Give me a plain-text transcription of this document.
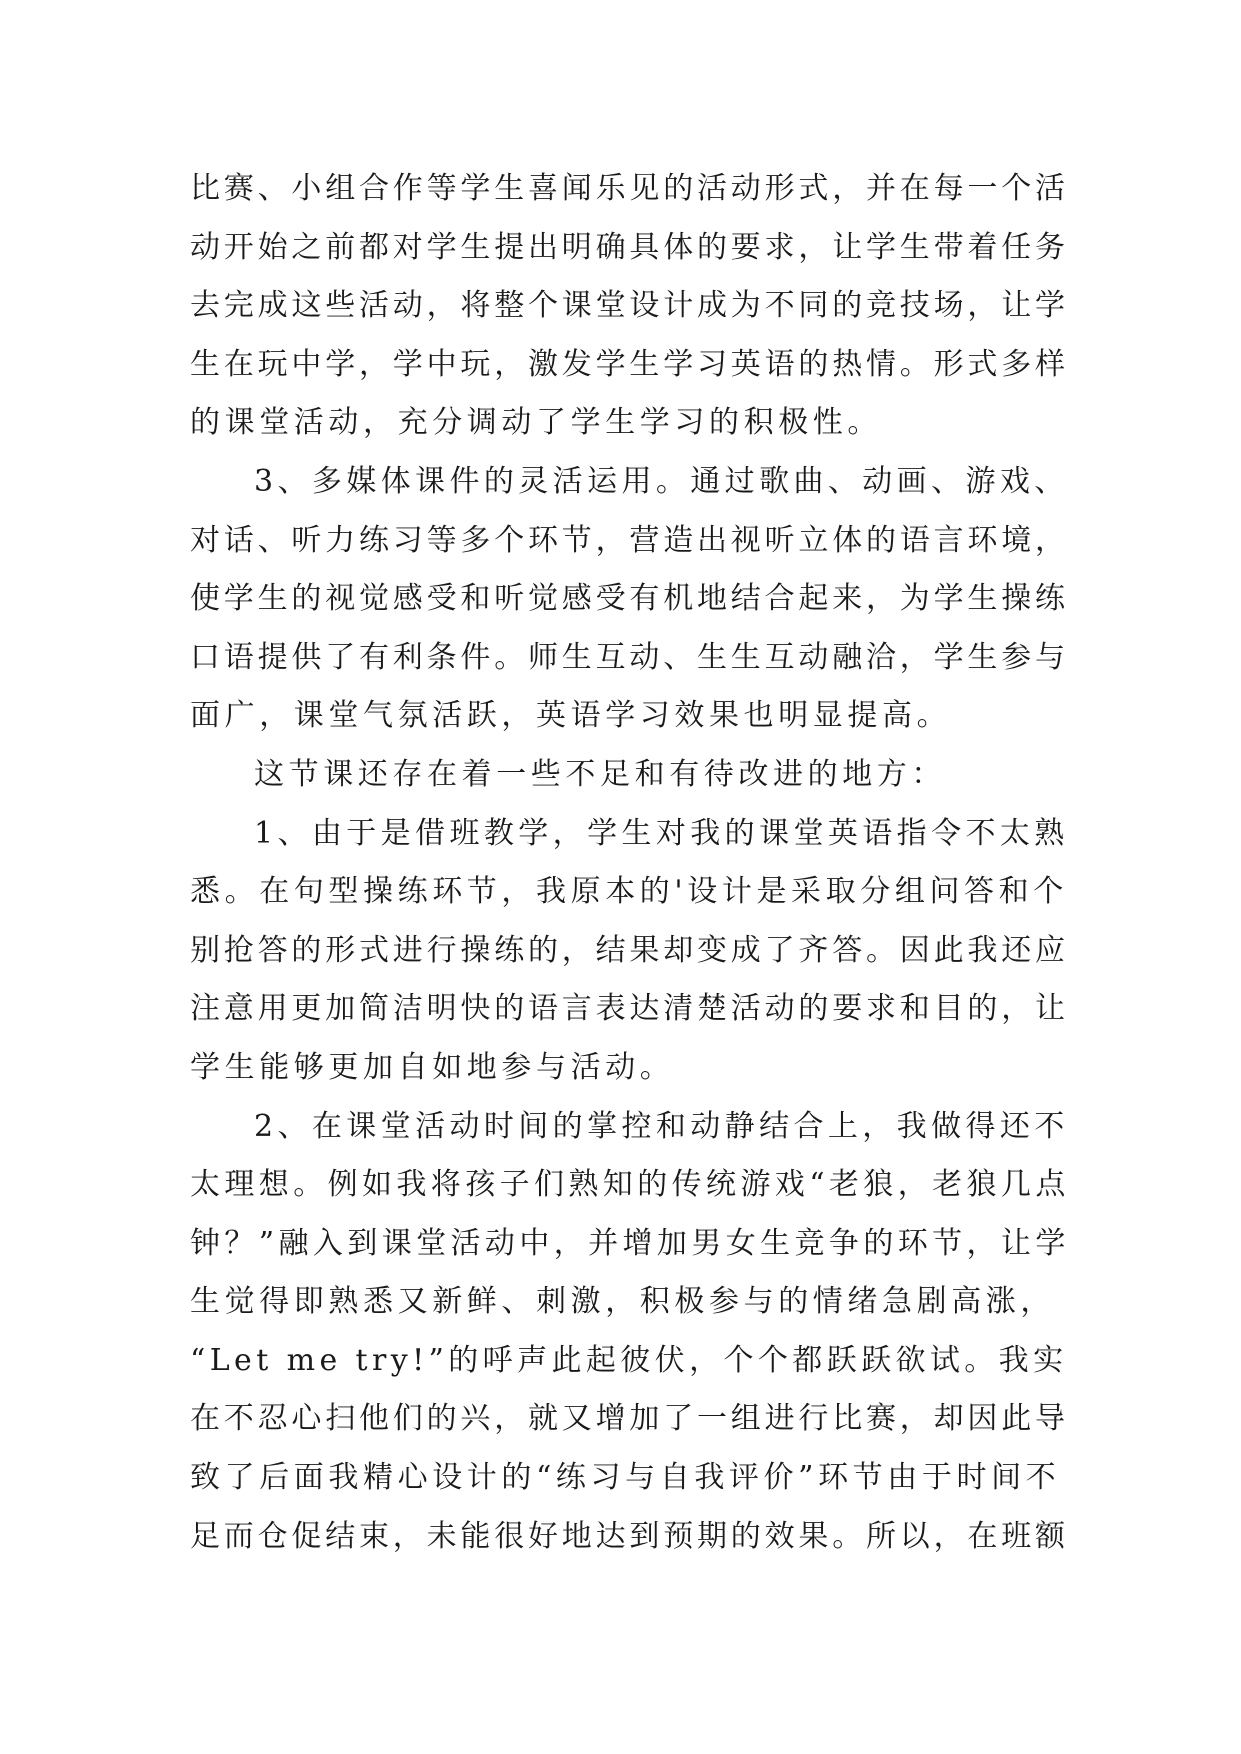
比赛、小组合作等学生喜闻乐见的活动形式，并在每一个活
动开始之前都对学生提出明确具体的要求，让学生带着任务
去完成这些活动，将整个课堂设计成为不同的竞技场，让学
生在玩中学，学中玩，激发学生学习英语的热情。形式多样
的课堂活动，充分调动了学生学习的积极性。
3、多媒体课件的灵活运用。通过歌曲、动画、游戏、
对话、听力练习等多个环节，营造出视听立体的语言环境，
使学生的视觉感受和听觉感受有机地结合起来，为学生操练
口语提供了有利条件。师生互动、生生互动融洽，学生参与
面广，课堂气氛活跃，英语学习效果也明显提高。
这节课还存在着一些不足和有待改进的地方：
1、由于是借班教学，学生对我的课堂英语指令不太熟
悉。在句型操练环节，我原本的'设计是采取分组问答和个
别抢答的形式进行操练的，结果却变成了齐答。因此我还应
注意用更加简洁明快的语言表达清楚活动的要求和目的，让
学生能够更加自如地参与活动。
2、在课堂活动时间的掌控和动静结合上，我做得还不
太理想。例如我将孩子们熟知的传统游戏“老狼，老狼几点
钟？”融入到课堂活动中，并增加男女生竞争的环节，让学
生觉得即熟悉又新鲜、刺激，积极参与的情绪急剧高涨，
“Let me try!”的呼声此起彼伏，个个都跃跃欲试。我实
在不忍心扫他们的兴，就又增加了一组进行比赛，却因此导
致了后面我精心设计的“练习与自我评价”环节由于时间不
足而仓促结束，未能很好地达到预期的效果。所以，在班额
